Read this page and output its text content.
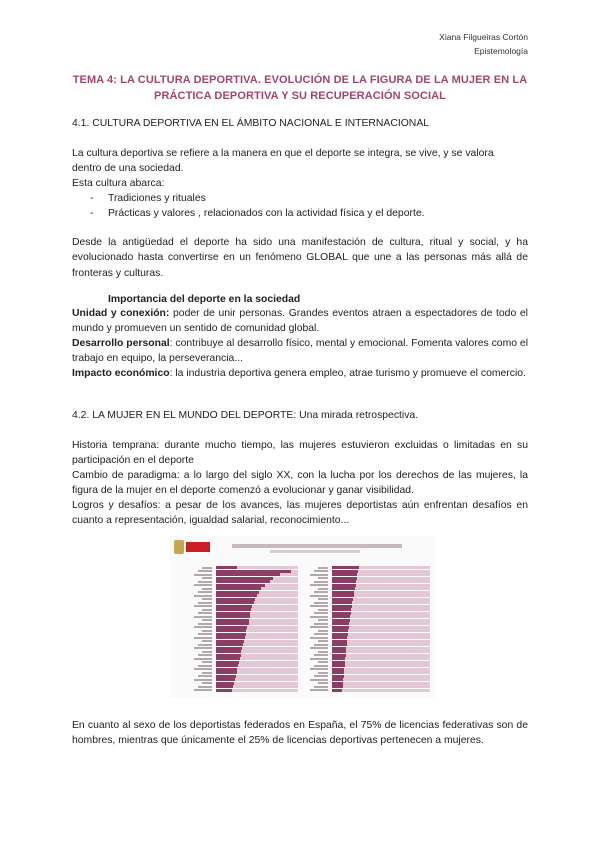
Xiana Filgueiras Cortón
Epistemología
TEMA 4: LA CULTURA DEPORTIVA. EVOLUCIÓN DE LA FIGURA DE LA MUJER EN LA PRÁCTICA DEPORTIVA Y SU RECUPERACIÓN SOCIAL
4.1. CULTURA DEPORTIVA EN EL ÁMBITO NACIONAL E INTERNACIONAL
La cultura deportiva se refiere a la manera en que el deporte se integra, se vive, y se valora dentro de una sociedad.
Esta cultura abarca:
- Tradiciones y rituales
- Prácticas y valores , relacionados con la actividad física y el deporte.
Desde la antigüedad el deporte ha sido una manifestación de cultura, ritual y social, y ha evolucionado hasta convertirse en un fenómeno GLOBAL que une a las personas más allá de fronteras y culturas.
Importancia del deporte en la sociedad
Unidad y conexión: poder de unir personas. Grandes eventos atraen a espectadores de todo el mundo y promueven un sentido de comunidad global.
Desarrollo personal: contribuye al desarrollo físico, mental y emocional. Fomenta valores como el trabajo en equipo, la perseverancia...
Impacto económico: la industria deportiva genera empleo, atrae turismo y promueve el comercio.
4.2. LA MUJER EN EL MUNDO DEL DEPORTE: Una mirada retrospectiva.
Historia temprana: durante mucho tiempo, las mujeres estuvieron excluidas o limitadas en su participación en el deporte
Cambio de paradigma: a lo largo del siglo XX, con la lucha por los derechos de las mujeres, la figura de la mujer en el deporte comenzó a evolucionar y ganar visibilidad.
Logros y desafíos: a pesar de los avances, las mujeres deportistas aún enfrentan desafíos en cuanto a representación, igualdad salarial, reconocimiento...
En cuanto al sexo de los deportistas federados en España, el 75% de licencias federativas son de hombres, mientras que únicamente el 25% de licencias deportivas pertenecen a mujeres.
